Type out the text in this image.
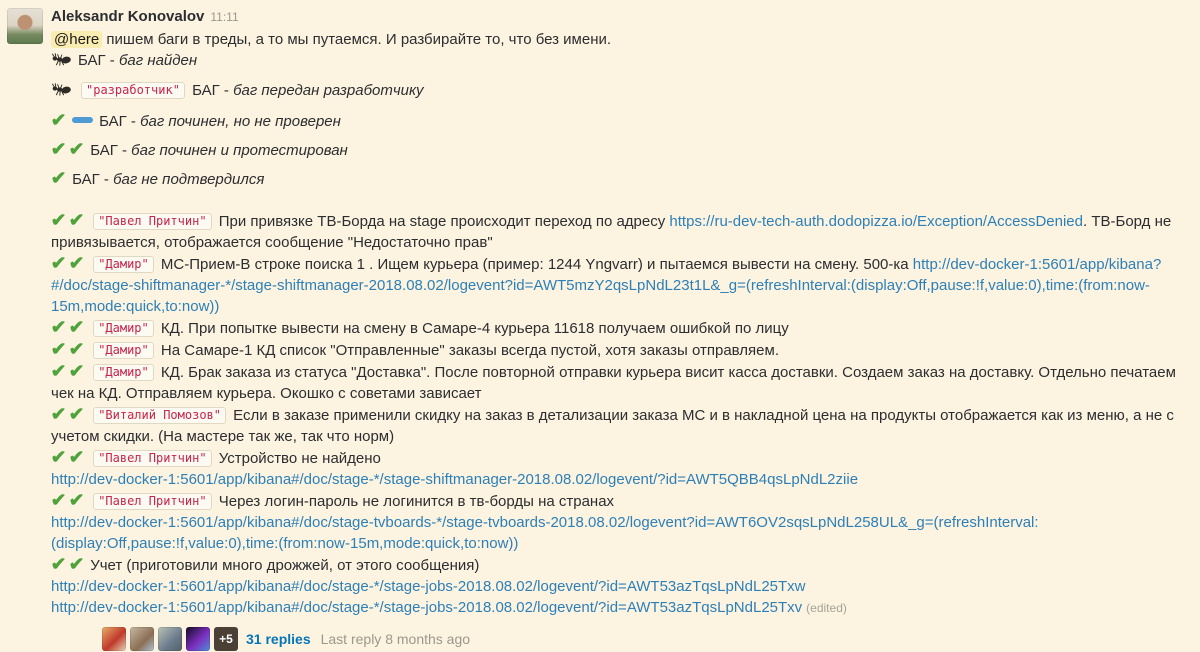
Aleksandr Konovalov 11:11
@here пишем баги в треды, а то мы путаемся. И разбирайте то, что без имени.
БАГ - баг найден
"разработчик" БАГ - баг передан разработчику
✔ БАГ - баг починен, но не проверен
✔ ✔ БАГ - баг починен и протестирован
✔ БАГ - баг не подтвердился
✔ ✔ "Павел Притчин" При привязке ТВ-Борда на stage происходит переход по адресу https://ru-dev-tech-auth.dodopizza.io/Exception/AccessDenied. ТВ-Борд не привязывается, отображается сообщение "Недостаточно прав"
✔ ✔ "Дамир" МС-Прием-В строке поиска 1 . Ищем курьера (пример: 1244 Yngvarr) и пытаемся вывести на смену. 500-ка http://dev-docker-1:5601/app/kibana?#/doc/stage-shiftmanager-*/stage-shiftmanager-2018.08.02/logevent?id=AWT5mzY2qsLpNdL23t1L&_g=(refreshInterval:(display:Off,pause:!f,value:0),time:(from:now-15m,mode:quick,to:now))
✔ ✔ "Дамир" КД. При попытке вывести на смену в Самаре-4 курьера 11618 получаем ошибкой по лицу
✔ ✔ "Дамир" На Самаре-1 КД список "Отправленные" заказы всегда пустой, хотя заказы отправляем.
✔ ✔ "Дамир" КД. Брак заказа из статуса "Доставка". После повторной отправки курьера висит касса доставки. Создаем заказ на доставку. Отдельно печатаем чек на КД. Отправляем курьера. Окошко с советами зависает
✔ ✔ "Виталий Помозов" Если в заказе применили скидку на заказ в детализации заказа МС и в накладной цена на продукты отображается как из меню, а не с учетом скидки. (На мастере так же, так что норм)
✔ ✔ "Павел Притчин" Устройство не найдено
http://dev-docker-1:5601/app/kibana#/doc/stage-*/stage-shiftmanager-2018.08.02/logevent/?id=AWT5QBB4qsLpNdL2ziie
✔ ✔ "Павел Притчин" Через логин-пароль не логинится в тв-борды на странах
http://dev-docker-1:5601/app/kibana#/doc/stage-tvboards-*/stage-tvboards-2018.08.02/logevent?id=AWT6OV2sqsLpNdL258UL&_g=(refreshInterval:(display:Off,pause:!f,value:0),time:(from:now-15m,mode:quick,to:now))
✔ ✔ Учет (приготовили много дрожжей, от этого сообщения)
http://dev-docker-1:5601/app/kibana#/doc/stage-*/stage-jobs-2018.08.02/logevent/?id=AWT53azTqsLpNdL25Txw
http://dev-docker-1:5601/app/kibana#/doc/stage-*/stage-jobs-2018.08.02/logevent/?id=AWT53azTqsLpNdL25Txv (edited)
+5 31 replies Last reply 8 months ago
